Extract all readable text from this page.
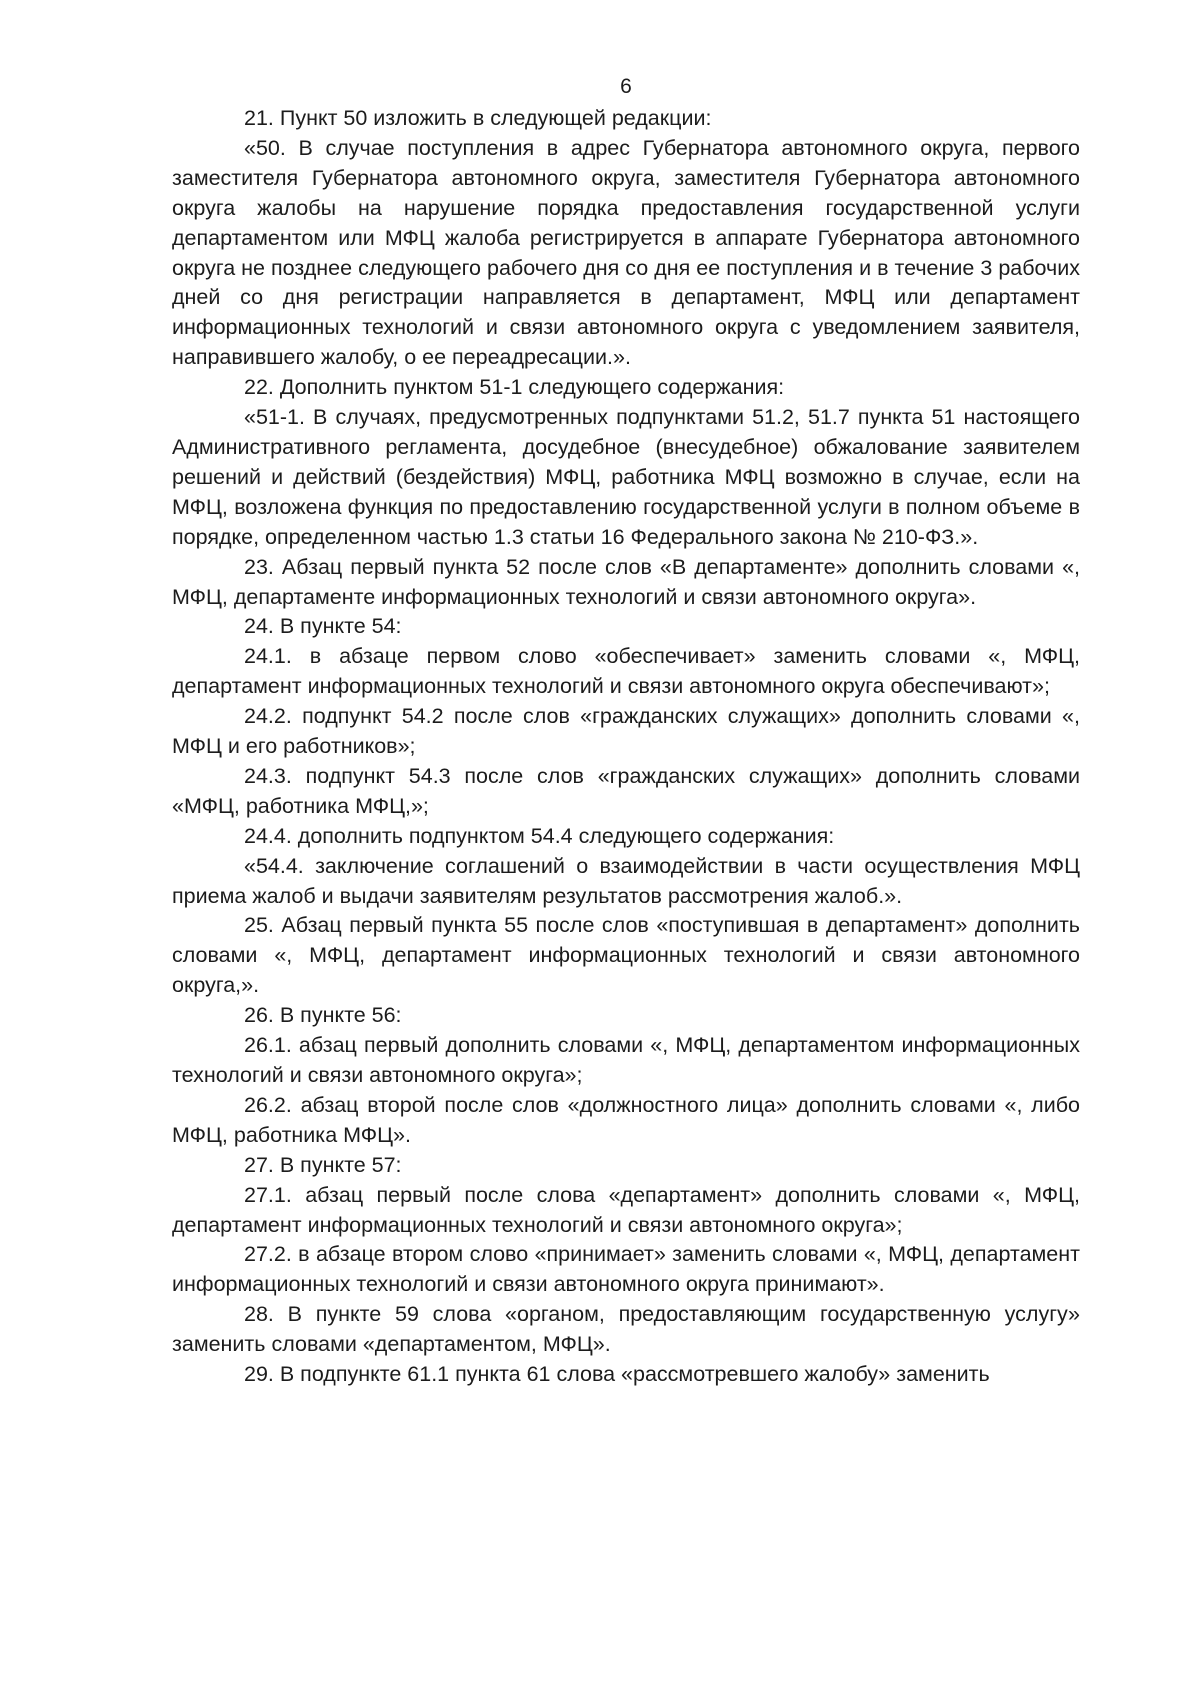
6

21. Пункт 50 изложить в следующей редакции:

«50. В случае поступления в адрес Губернатора автономного округа, первого заместителя Губернатора автономного округа, заместителя Губернатора автономного округа жалобы на нарушение порядка предоставления государственной услуги департаментом или МФЦ жалоба регистрируется в аппарате Губернатора автономного округа не позднее следующего рабочего дня со дня ее поступления и в течение 3 рабочих дней со дня регистрации направляется в департамент, МФЦ или департамент информационных технологий и связи автономного округа с уведомлением заявителя, направившего жалобу, о ее переадресации.».

22. Дополнить пунктом 51-1 следующего содержания:

«51-1. В случаях, предусмотренных подпунктами 51.2, 51.7 пункта 51 настоящего Административного регламента, досудебное (внесудебное) обжалование заявителем решений и действий (бездействия) МФЦ, работника МФЦ возможно в случае, если на МФЦ, возложена функция по предоставлению государственной услуги в полном объеме в порядке, определенном частью 1.3 статьи 16 Федерального закона № 210-ФЗ.».

23. Абзац первый пункта 52 после слов «В департаменте» дополнить словами «, МФЦ, департаменте информационных технологий и связи автономного округа».

24. В пункте 54:

24.1. в абзаце первом слово «обеспечивает» заменить словами «, МФЦ, департамент информационных технологий и связи автономного округа обеспечивают»;

24.2. подпункт 54.2 после слов «гражданских служащих» дополнить словами «, МФЦ и его работников»;

24.3. подпункт 54.3 после слов «гражданских служащих» дополнить словами «МФЦ, работника МФЦ,»;

24.4. дополнить подпунктом 54.4 следующего содержания:

«54.4. заключение соглашений о взаимодействии в части осуществления МФЦ приема жалоб и выдачи заявителям результатов рассмотрения жалоб.».

25. Абзац первый пункта 55 после слов «поступившая в департамент» дополнить словами «, МФЦ, департамент информационных технологий и связи автономного округа,».

26. В пункте 56:

26.1. абзац первый дополнить словами «, МФЦ, департаментом информационных технологий и связи автономного округа»;

26.2. абзац второй после слов «должностного лица» дополнить словами «, либо МФЦ, работника МФЦ».

27. В пункте 57:

27.1. абзац первый после слова «департамент» дополнить словами «, МФЦ, департамент информационных технологий и связи автономного округа»;

27.2. в абзаце втором слово «принимает» заменить словами «, МФЦ, департамент информационных технологий и связи автономного округа принимают».

28. В пункте 59 слова «органом, предоставляющим государственную услугу» заменить словами «департаментом, МФЦ».

29. В подпункте 61.1 пункта 61 слова «рассмотревшего жалобу» заменить
